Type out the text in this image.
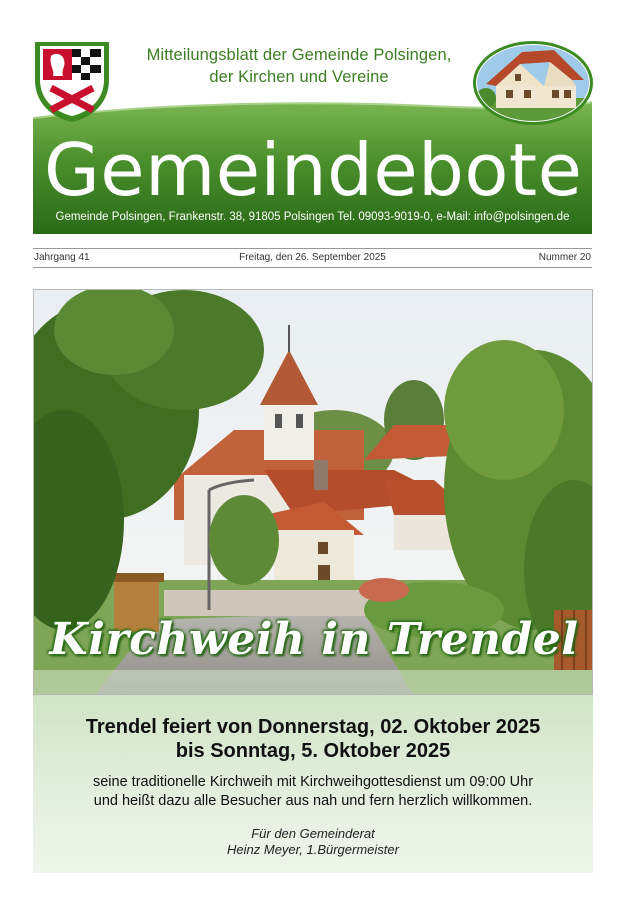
Mitteilungsblatt der Gemeinde Polsingen,
der Kirchen und Vereine
Gemeindebote
Gemeinde Polsingen, Frankenstr. 38, 91805 Polsingen Tel. 09093-9019-0, e-Mail: info@polsingen.de
Freitag, den 26. September 2025
Jahrgang 41	Nummer 20
Kirchweih in Trendel
Trendel feiert von Donnerstag, 02. Oktober 2025
bis Sonntag, 5. Oktober 2025
seine traditionelle Kirchweih mit Kirchweihgottesdienst um 09:00 Uhr
und heißt dazu alle Besucher aus nah und fern herzlich willkommen.
Für den Gemeinderat
Heinz Meyer, 1.Bürgermeister
